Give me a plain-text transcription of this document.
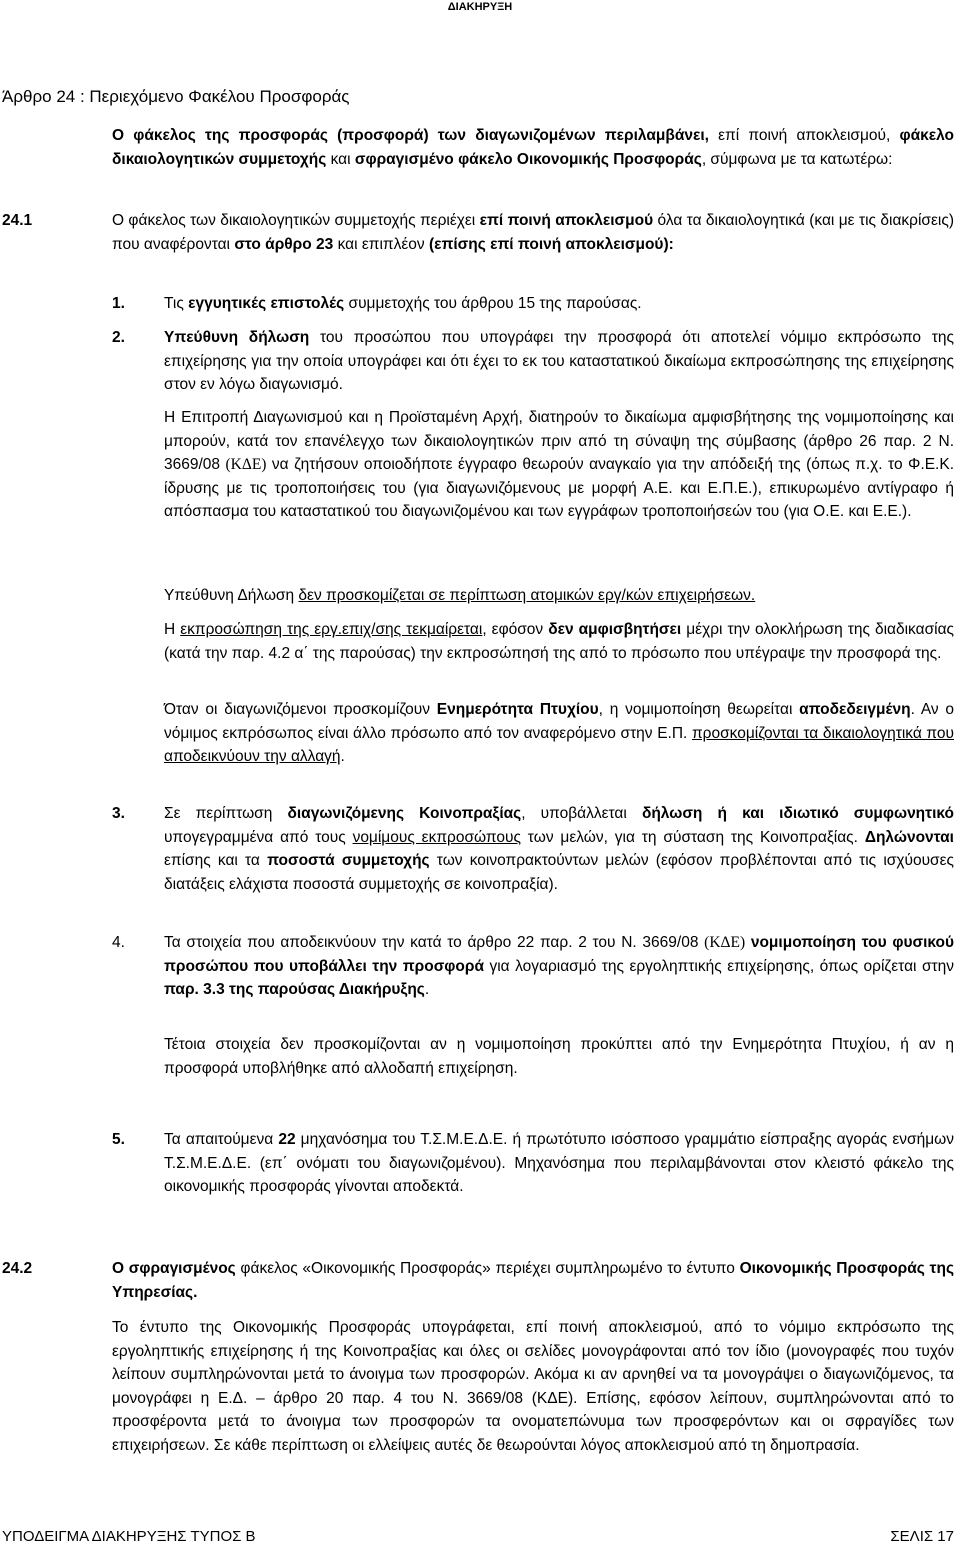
ΔΙΑΚΗΡΥΞΗ
Άρθρο 24 : Περιεχόμενο Φακέλου Προσφοράς

Ο φάκελος της προσφοράς (προσφορά) των διαγωνιζομένων περιλαμβάνει, επί ποινή αποκλεισμού, φάκελο δικαιολογητικών συμμετοχής και σφραγισμένο φάκελο Οικονομικής Προσφοράς, σύμφωνα με τα κατωτέρω:

24.1	Ο φάκελος των δικαιολογητικών συμμετοχής περιέχει επί ποινή αποκλεισμού όλα τα δικαιολογητικά (και με τις διακρίσεις) που αναφέρονται στο άρθρο 23 και επιπλέον (επίσης επί ποινή αποκλεισμού):

1.	Τις εγγυητικές επιστολές συμμετοχής του άρθρου 15 της παρούσας.

2.	Υπεύθυνη δήλωση του προσώπου που υπογράφει την προσφορά ότι αποτελεί νόμιμο εκπρόσωπο της επιχείρησης για την οποία υπογράφει και ότι έχει το εκ του καταστατικού δικαίωμα εκπροσώπησης της επιχείρησης στον εν λόγω διαγωνισμό.

Η Επιτροπή Διαγωνισμού και η Προϊσταμένη Αρχή, διατηρούν το δικαίωμα αμφισβήτησης της νομιμοποίησης και μπορούν, κατά τον επανέλεγχο των δικαιολογητικών πριν από τη σύναψη της σύμβασης (άρθρο 26 παρ. 2 Ν. 3669/08 (ΚΔΕ) να ζητήσουν οποιοδήποτε έγγραφο θεωρούν αναγκαίο για την απόδειξή της (όπως π.χ. το Φ.Ε.Κ. ίδρυσης με τις τροποποιήσεις του (για διαγωνιζόμενους με μορφή Α.Ε. και Ε.Π.Ε.), επικυρωμένο αντίγραφο ή απόσπασμα του καταστατικού του διαγωνιζομένου και των εγγράφων τροποποιήσεών του (για Ο.Ε. και Ε.Ε.).

Υπεύθυνη Δήλωση δεν προσκομίζεται σε περίπτωση ατομικών εργ/κών επιχειρήσεων.

Η εκπροσώπηση της εργ.επιχ/σης τεκμαίρεται, εφόσον δεν αμφισβητήσει μέχρι την ολοκλήρωση της διαδικασίας (κατά την παρ. 4.2 α΄ της παρούσας) την εκπροσώπησή της από το πρόσωπο που υπέγραψε την προσφορά της.

Όταν οι διαγωνιζόμενοι προσκομίζουν Ενημερότητα Πτυχίου, η νομιμοποίηση θεωρείται αποδεδειγμένη. Αν ο νόμιμος εκπρόσωπος είναι άλλο πρόσωπο από τον αναφερόμενο στην Ε.Π. προσκομίζονται τα δικαιολογητικά που αποδεικνύουν την αλλαγή.

3.	Σε περίπτωση διαγωνιζόμενης Κοινοπραξίας, υποβάλλεται δήλωση ή και ιδιωτικό συμφωνητικό υπογεγραμμένα από τους νομίμους εκπροσώπους των μελών, για τη σύσταση της Κοινοπραξίας. Δηλώνονται επίσης και τα ποσοστά συμμετοχής των κοινοπρακτούντων μελών (εφόσον προβλέπονται από τις ισχύουσες διατάξεις ελάχιστα ποσοστά συμμετοχής σε κοινοπραξία).

4.	Τα στοιχεία που αποδεικνύουν την κατά το άρθρο 22 παρ. 2 του Ν. 3669/08 (ΚΔΕ) νομιμοποίηση του φυσικού προσώπου που υποβάλλει την προσφορά για λογαριασμό της εργοληπτικής επιχείρησης, όπως ορίζεται στην παρ. 3.3 της παρούσας Διακήρυξης.

Τέτοια στοιχεία δεν προσκομίζονται αν η νομιμοποίηση προκύπτει από την Ενημερότητα Πτυχίου, ή αν η προσφορά υποβλήθηκε από αλλοδαπή επιχείρηση.

5.	Τα απαιτούμενα 22 μηχανόσημα του Τ.Σ.Μ.Ε.Δ.Ε. ή πρωτότυπο ισόσποσο γραμμάτιο είσπραξης αγοράς ενσήμων Τ.Σ.Μ.Ε.Δ.Ε. (επ΄ ονόματι του διαγωνιζομένου). Μηχανόσημα που περιλαμβάνονται στον κλειστό φάκελο της οικονομικής προσφοράς γίνονται αποδεκτά.

24.2	Ο σφραγισμένος φάκελος «Οικονομικής Προσφοράς» περιέχει συμπληρωμένο το έντυπο Οικονομικής Προσφοράς της Υπηρεσίας.

Το έντυπο της Οικονομικής Προσφοράς υπογράφεται, επί ποινή αποκλεισμού, από το νόμιμο εκπρόσωπο της εργοληπτικής επιχείρησης ή της Κοινοπραξίας και όλες οι σελίδες μονογράφονται από τον ίδιο (μονογραφές που τυχόν λείπουν συμπληρώνονται μετά το άνοιγμα των προσφορών. Ακόμα κι αν αρνηθεί να τα μονογράψει ο διαγωνιζόμενος, τα μονογράφει η Ε.Δ. – άρθρο 20 παρ. 4 του Ν. 3669/08 (ΚΔΕ). Επίσης, εφόσον λείπουν, συμπληρώνονται από το προσφέροντα μετά το άνοιγμα των προσφορών τα ονοματεπώνυμα των προσφερόντων και οι σφραγίδες των επιχειρήσεων. Σε κάθε περίπτωση οι ελλείψεις αυτές δε θεωρούνται λόγος αποκλεισμού από τη δημοπρασία.

ΥΠΟΔΕΙΓΜΑ ΔΙΑΚΗΡΥΞΗΣ ΤΥΠΟΣ Β	ΣΕΛΙΣ 17
